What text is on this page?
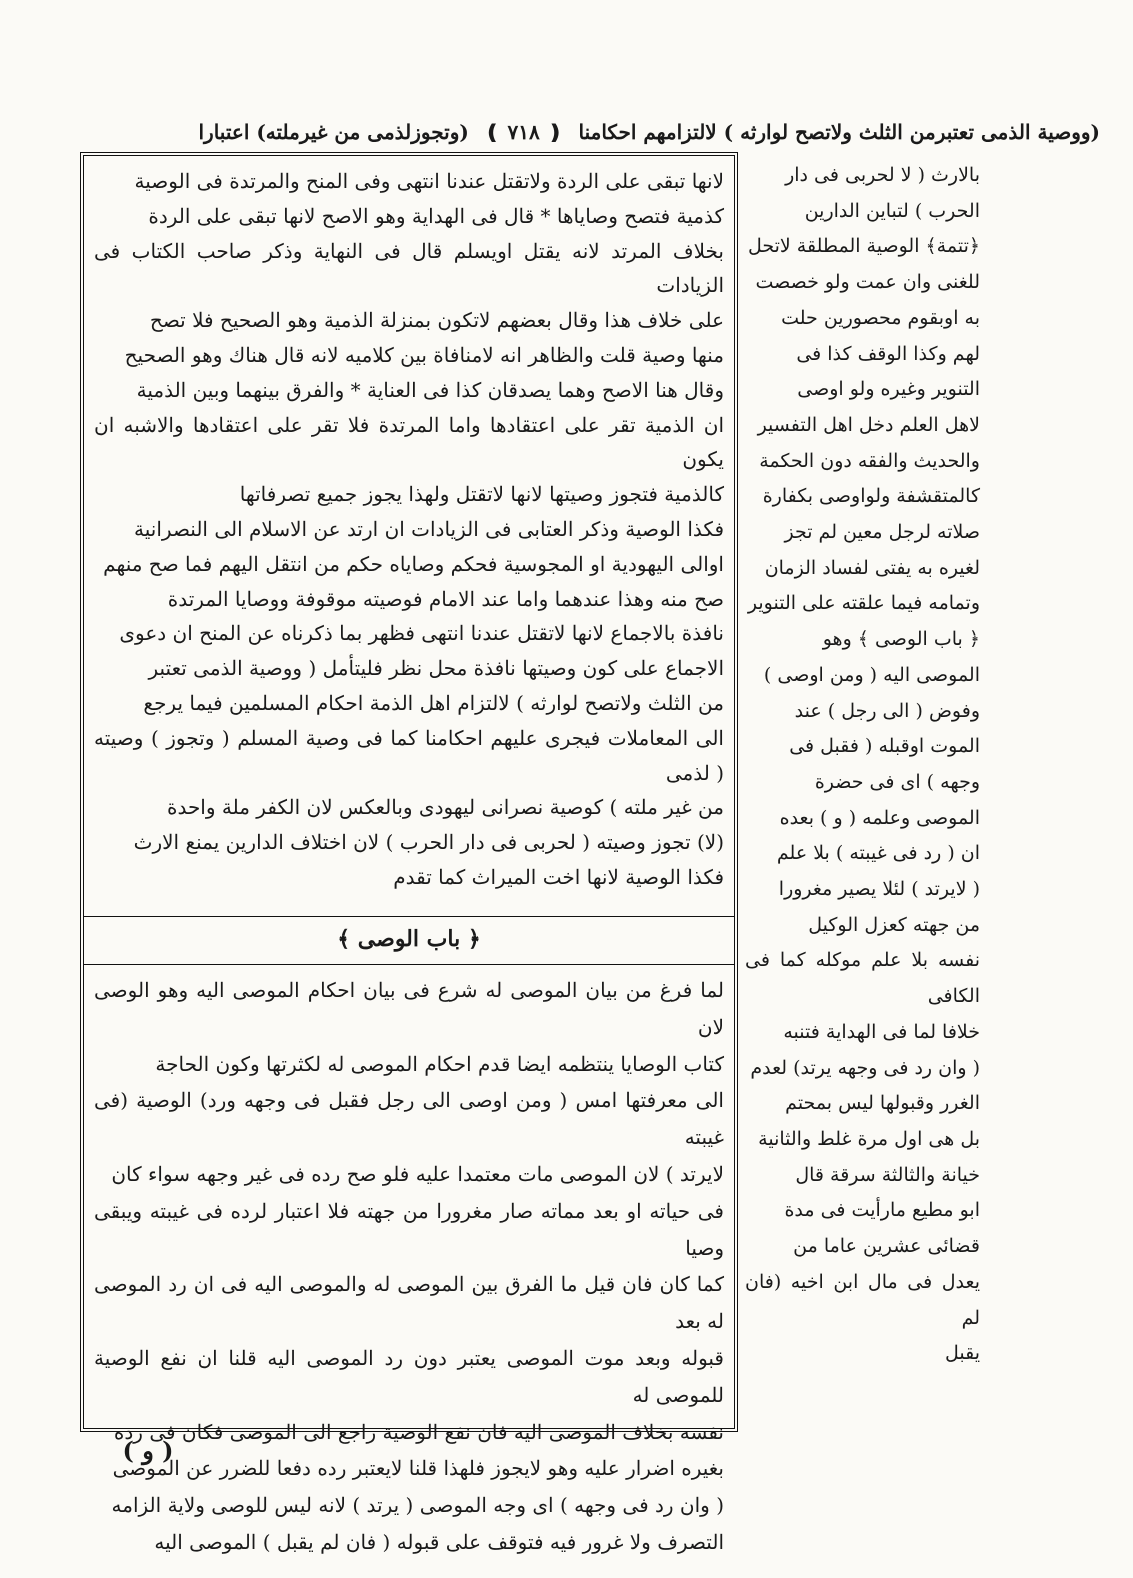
(ووصية الذمى تعتبرمن الثلث ولاتصح لوارثه ) لالتزامهم احكامنا ❪ ٧١٨ ❫ (وتجوزلذمى من غيرملته) اعتبارا

لانها تبقى على الردة ولاتقتل عندنا انتهى وفى المنح والمرتدة فى الوصية

كذمية فتصح وصاياها * قال فى الهداية وهو الاصح لانها تبقى على الردة

بخلاف المرتد لانه يقتل اويسلم قال فى النهاية وذكر صاحب الكتاب فى الزيادات

على خلاف هذا وقال بعضهم لاتكون بمنزلة الذمية وهو الصحيح فلا تصح

منها وصية قلت والظاهر انه لامنافاة بين كلاميه لانه قال هناك وهو الصحيح

وقال هنا الاصح وهما يصدقان كذا فى العناية * والفرق بينهما وبين الذمية

ان الذمية تقر على اعتقادها واما المرتدة فلا تقر على اعتقادها والاشبه ان يكون

كالذمية فتجوز وصيتها لانها لاتقتل ولهذا يجوز جميع تصرفاتها

فكذا الوصية وذكر العتابى فى الزيادات ان ارتد عن الاسلام الى النصرانية

اوالى اليهودية او المجوسية فحكم وصاياه حكم من انتقل اليهم فما صح منهم

صح منه وهذا عندهما واما عند الامام فوصيته موقوفة ووصايا المرتدة

نافذة بالاجماع لانها لاتقتل عندنا انتهى فظهر بما ذكرناه عن المنح ان دعوى

الاجماع على كون وصيتها نافذة محل نظر فليتأمل ( ووصية الذمى تعتبر

من الثلث ولاتصح لوارثه ) لالتزام اهل الذمة احكام المسلمين فيما يرجع

الى المعاملات فيجرى عليهم احكامنا كما فى وصية المسلم ( وتجوز ) وصيته ( لذمى

من غير ملته ) كوصية نصرانى ليهودى وبالعكس لان الكفر ملة واحدة

(لا) تجوز وصيته ( لحربى فى دار الحرب ) لان اختلاف الدارين يمنع الارث

فكذا الوصية لانها اخت الميراث كما تقدم

﴿ باب الوصى ﴾

لما فرغ من بيان الموصى له شرع فى بيان احكام الموصى اليه وهو الوصى لان

كتاب الوصايا ينتظمه ايضا قدم احكام الموصى له لكثرتها وكون الحاجة

الى معرفتها امس ( ومن اوصى الى رجل فقبل فى وجهه ورد) الوصية (فى غيبته

لايرتد ) لان الموصى مات معتمدا عليه فلو صح رده فى غير وجهه سواء كان

فى حياته او بعد مماته صار مغرورا من جهته فلا اعتبار لرده فى غيبته ويبقى وصيا

كما كان فان قيل ما الفرق بين الموصى له والموصى اليه فى ان رد الموصى له بعد

قبوله وبعد موت الموصى يعتبر دون رد الموصى اليه قلنا ان نفع الوصية للموصى له

نفسه بخلاف الموصى اليه فان نفع الوصية راجع الى الموصى فكان فى رده

بغيره اضرار عليه وهو لايجوز فلهذا قلنا لايعتبر رده دفعا للضرر عن الموصى

( وان رد فى وجهه ) اى وجه الموصى ( يرتد ) لانه ليس للوصى ولاية الزامه

التصرف ولا غرور فيه فتوقف على قبوله ( فان لم يقبل ) الموصى اليه

بالارث ( لا لحربى فى دار

الحرب ) لتباين الدارين

﴿تتمة﴾ الوصية المطلقة لاتحل

للغنى وان عمت ولو خصصت

به اوبقوم محصورين حلت

لهم وكذا الوقف كذا فى

التنوير وغيره ولو اوصى

لاهل العلم دخل اهل التفسير

والحديث والفقه دون الحكمة

كالمتقشفة ولواوصى بكفارة

صلاته لرجل معين لم تجز

لغيره به يفتى لفساد الزمان

وتمامه فيما علقته على التنوير

﴿ باب الوصى ﴾ وهو

الموصى اليه ( ومن اوصى )

وفوض ( الى رجل ) عند

الموت اوقبله ( فقبل فى

وجهه ) اى فى حضرة

الموصى وعلمه ( و ) بعده

ان ( رد فى غيبته ) بلا علم

( لايرتد ) لئلا يصير مغرورا

من جهته كعزل الوكيل

نفسه بلا علم موكله كما فى الكافى

خلافا لما فى الهداية فتنبه

( وان رد فى وجهه يرتد) لعدم

الغرر وقبولها ليس بمحتم

بل هى اول مرة غلط والثانية

خيانة والثالثة سرقة قال

ابو مطيع مارأيت فى مدة

قضائى عشرين عاما من

يعدل فى مال ابن اخيه (فان لم

يقبل

( و )
